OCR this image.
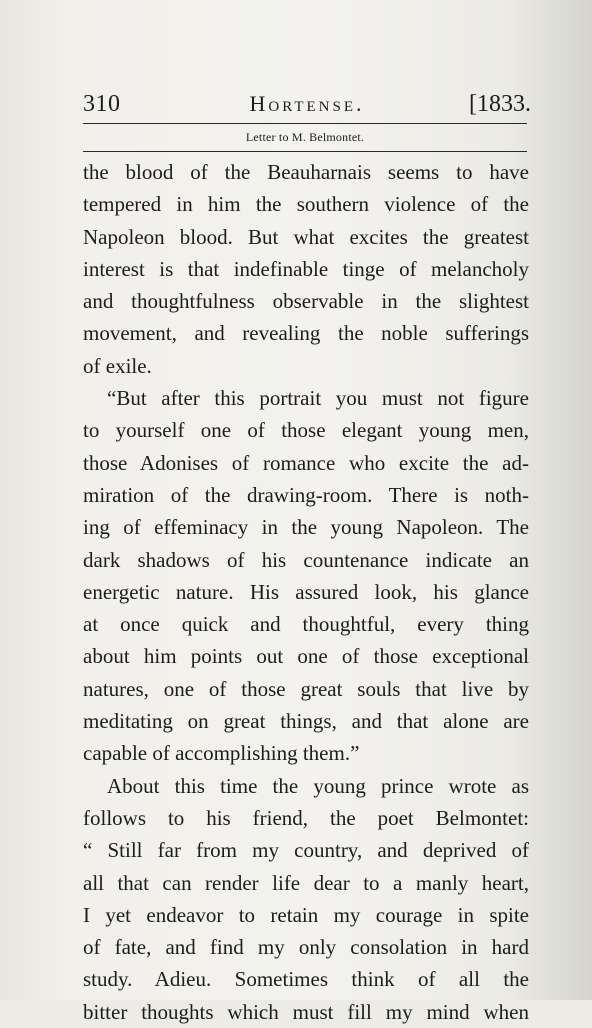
310	Hortense.	[1833.
Letter to M. Belmontet.
the blood of the Beauharnais seems to have
tempered in him the southern violence of the
Napoleon blood. But what excites the greatest
interest is that indefinable tinge of melancholy
and thoughtfulness observable in the slightest
movement, and revealing the noble sufferings
of exile.
“But after this portrait you must not figure
to yourself one of those elegant young men,
those Adonises of romance who excite the ad-
miration of the drawing-room. There is noth-
ing of effeminacy in the young Napoleon. The
dark shadows of his countenance indicate an
energetic nature. His assured look, his glance
at once quick and thoughtful, every thing
about him points out one of those exceptional
natures, one of those great souls that live by
meditating on great things, and that alone are
capable of accomplishing them.”
About this time the young prince wrote as
follows to his friend, the poet Belmontet:
“ Still far from my country, and deprived of
all that can render life dear to a manly heart,
I yet endeavor to retain my courage in spite
of fate, and find my only consolation in hard
study. Adieu. Sometimes think of all the
bitter thoughts which must fill my mind when
